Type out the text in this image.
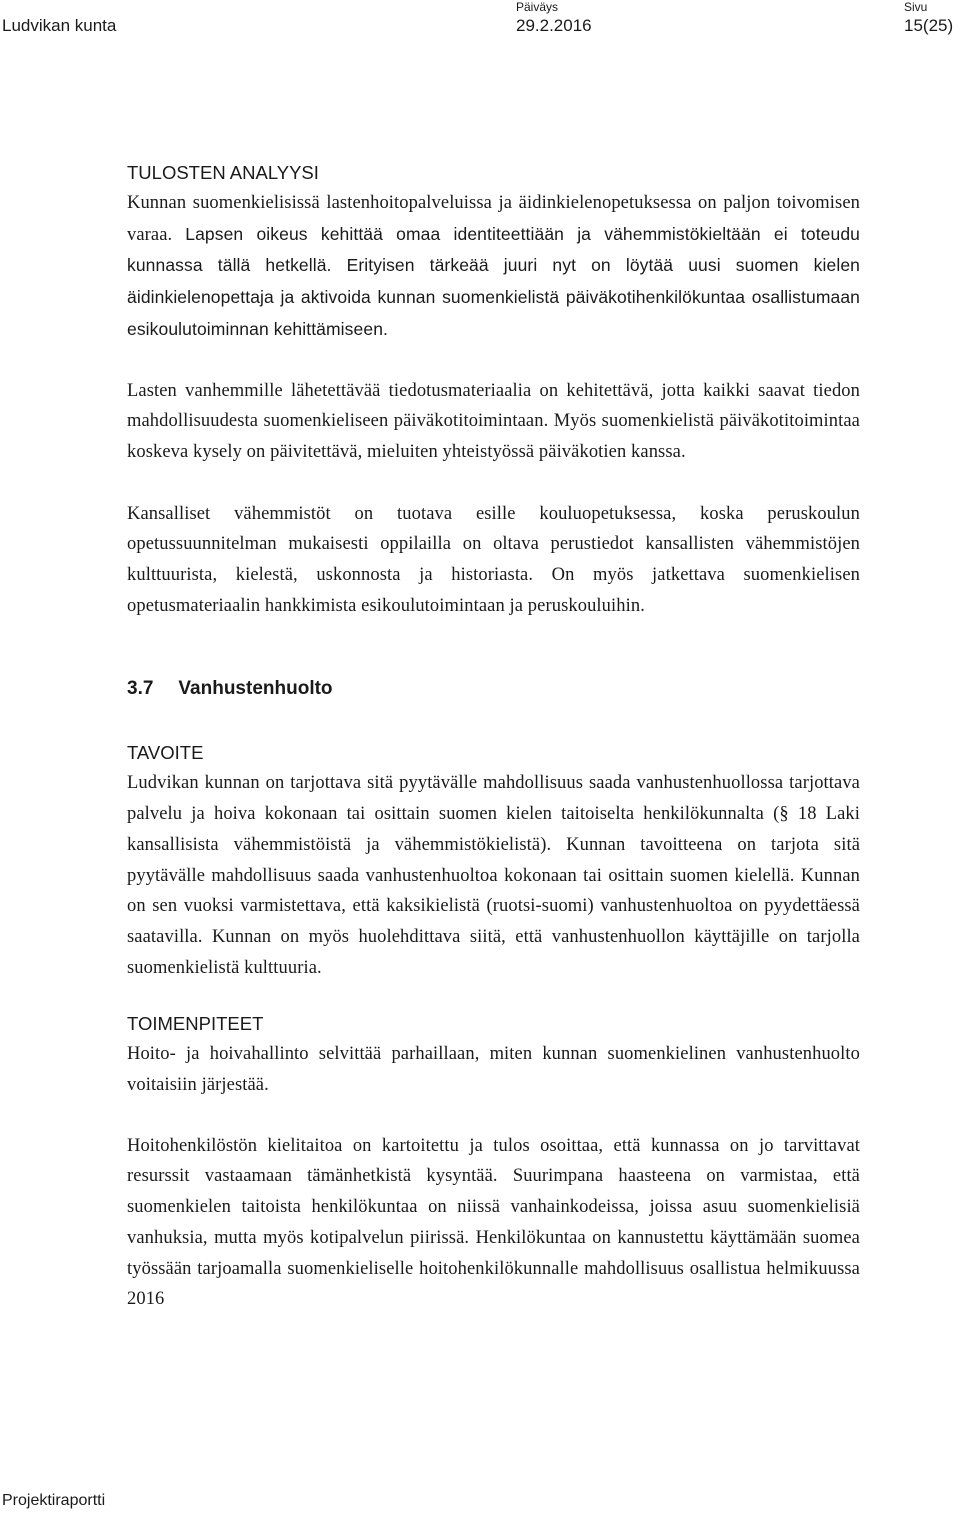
Ludvikan kunta
Päiväys
29.2.2016
Sivu
15(25)
TULOSTEN ANALYYSI

Kunnan suomenkielisissä lastenhoitopalveluissa ja äidinkielenopetuksessa on paljon toivomisen varaa. Lapsen oikeus kehittää omaa identiteettiään ja vähemmistökieltään ei toteudu kunnassa tällä hetkellä. Erityisen tärkeää juuri nyt on löytää uusi suomen kielen äidinkielenopettaja ja aktivoida kunnan suomenkielistä päiväkotihenkilökuntaa osallistumaan esikoulutoiminnan kehittämiseen.

Lasten vanhemmille lähetettävää tiedotusmateriaalia on kehitettävä, jotta kaikki saavat tiedon mahdollisuudesta suomenkieliseen päiväkotitoimintaan. Myös suomenkielistä päiväkotitoimintaa koskeva kysely on päivitettävä, mieluiten yhteistyössä päiväkotien kanssa.

Kansalliset vähemmistöt on tuotava esille kouluopetuksessa, koska peruskoulun opetussuunnitelman mukaisesti oppilailla on oltava perustiedot kansallisten vähemmistöjen kulttuurista, kielestä, uskonnosta ja historiasta. On myös jatkettava suomenkielisen opetusmateriaalin hankkimista esikoulutoimintaan ja peruskouluihin.

3.7 Vanhustenhuolto
TAVOITE

Ludvikan kunnan on tarjottava sitä pyytävälle mahdollisuus saada vanhustenhuollossa tarjottava palvelu ja hoiva kokonaan tai osittain suomen kielen taitoiselta henkilökunnalta (§ 18 Laki kansallisista vähemmistöistä ja vähemmistökielistä). Kunnan tavoitteena on tarjota sitä pyytävälle mahdollisuus saada vanhustenhuoltoa kokonaan tai osittain suomen kielellä. Kunnan on sen vuoksi varmistettava, että kaksikielistä (ruotsi-suomi) vanhustenhuoltoa on pyydettäessä saatavilla. Kunnan on myös huolehdittava siitä, että vanhustenhuollon käyttäjille on tarjolla suomenkielistä kulttuuria.

TOIMENPITEET

Hoito- ja hoivahallinto selvittää parhaillaan, miten kunnan suomenkielinen vanhustenhuolto voitaisiin järjestää.

Hoitohenkilöstön kielitaitoa on kartoitettu ja tulos osoittaa, että kunnassa on jo tarvittavat resurssit vastaamaan tämänhetkistä kysyntää. Suurimpana haasteena on varmistaa, että suomenkielen taitoista henkilökuntaa on niissä vanhainkodeissa, joissa asuu suomenkielisiä vanhuksia, mutta myös kotipalvelun piirissä. Henkilökuntaa on kannustettu käyttämään suomea työssään tarjoamalla suomenkieliselle hoitohenkilökunnalle mahdollisuus osallistua helmikuussa 2016

Projektiraportti
